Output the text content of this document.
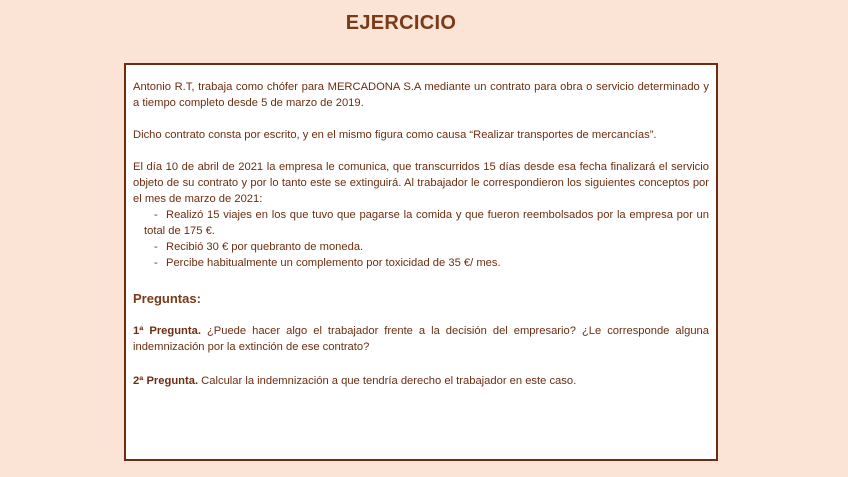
EJERCICIO

Antonio R.T, trabaja como chófer para MERCADONA S.A mediante un contrato para obra o servicio determinado y a tiempo completo desde 5 de marzo de 2019.

Dicho contrato consta por escrito, y en el mismo figura como causa “Realizar transportes de mercancías”.

El día 10 de abril de 2021 la empresa le comunica, que transcurridos 15 días desde esa fecha finalizará el servicio objeto de su contrato y por lo tanto este se extinguirá. Al trabajador le correspondieron los siguientes conceptos por el mes de marzo de 2021:

- Realizó 15 viajes en los que tuvo que pagarse la comida y que fueron reembolsados por la empresa por un total de 175 €.
- Recibió 30 € por quebranto de moneda.
- Percibe habitualmente un complemento por toxicidad de 35 €/ mes.

Preguntas:

1ª Pregunta. ¿Puede hacer algo el trabajador frente a la decisión del empresario? ¿Le corresponde alguna indemnización por la extinción de ese contrato?

2ª Pregunta. Calcular la indemnización a que tendría derecho el trabajador en este caso.
